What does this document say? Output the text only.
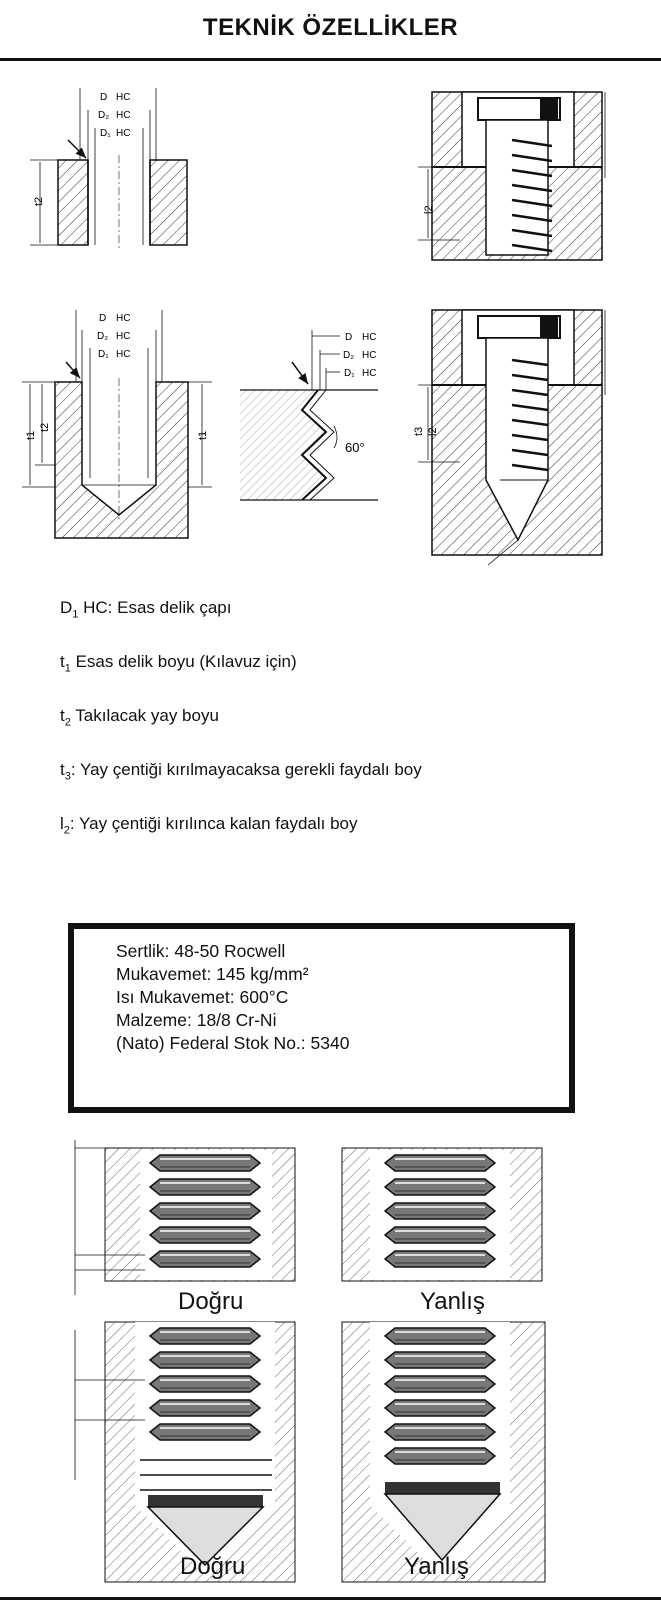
TEKNİK ÖZELLİKLER
D HC
D₂ HC
D₁ HC
t2
l2
D HC
D₂ HC
D₁ HC
t1
t2
t1
D HC
D₂ HC
D₁ HC
60°
t3 l2
$D_1$ HC: Esas delik çapı
$t_1$ Esas delik boyu (Kılavuz için)
$t_2$ Takılacak yay boyu
$t_3$: Yay çentiği kırılmayacaksa gerekli faydalı boy
$l_2$: Yay çentiği kırılınca kalan faydalı boy
Sertlik: 48-50 Rocwell
Mukavemet: 145 kg/mm²
Isı Mukavemet: 600°C
Malzeme: 18/8 Cr-Ni
(Nato) Federal Stok No.: 5340
Doğru	Yanlış
Doğru	Yanlış
